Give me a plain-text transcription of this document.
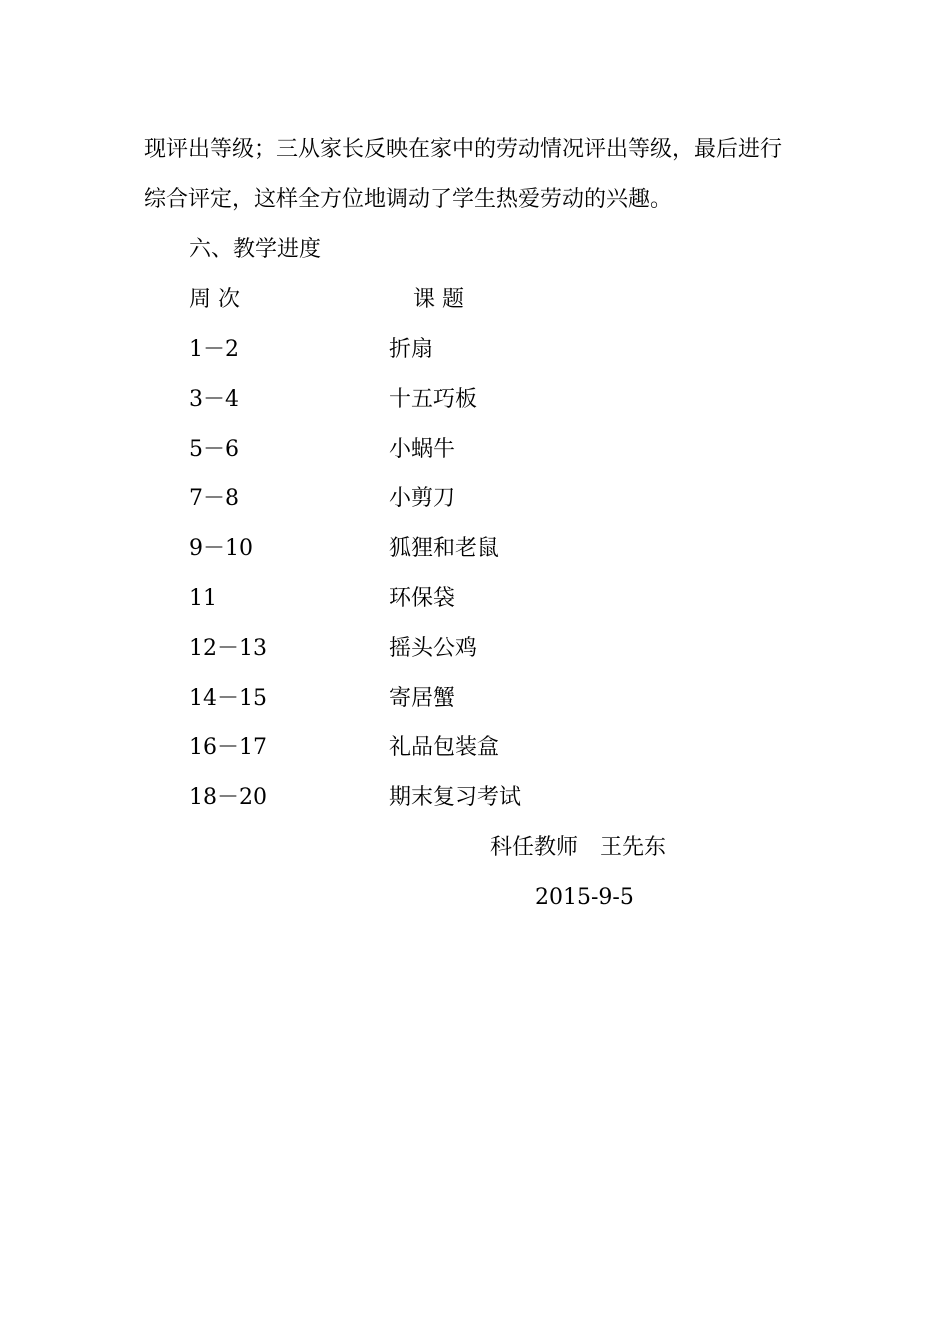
现评出等级；三从家长反映在家中的劳动情况评出等级，最后进行
综合评定，这样全方位地调动了学生热爱劳动的兴趣。
六、教学进度
周 次	课 题
1－2	折扇
3－4	十五巧板
5－6	小蜗牛
7－8	小剪刀
9－10	狐狸和老鼠
11	环保袋
12－13	摇头公鸡
14－15	寄居蟹
16－17	礼品包装盒
18－20	期末复习考试
科任教师　王先东
2015-9-5
